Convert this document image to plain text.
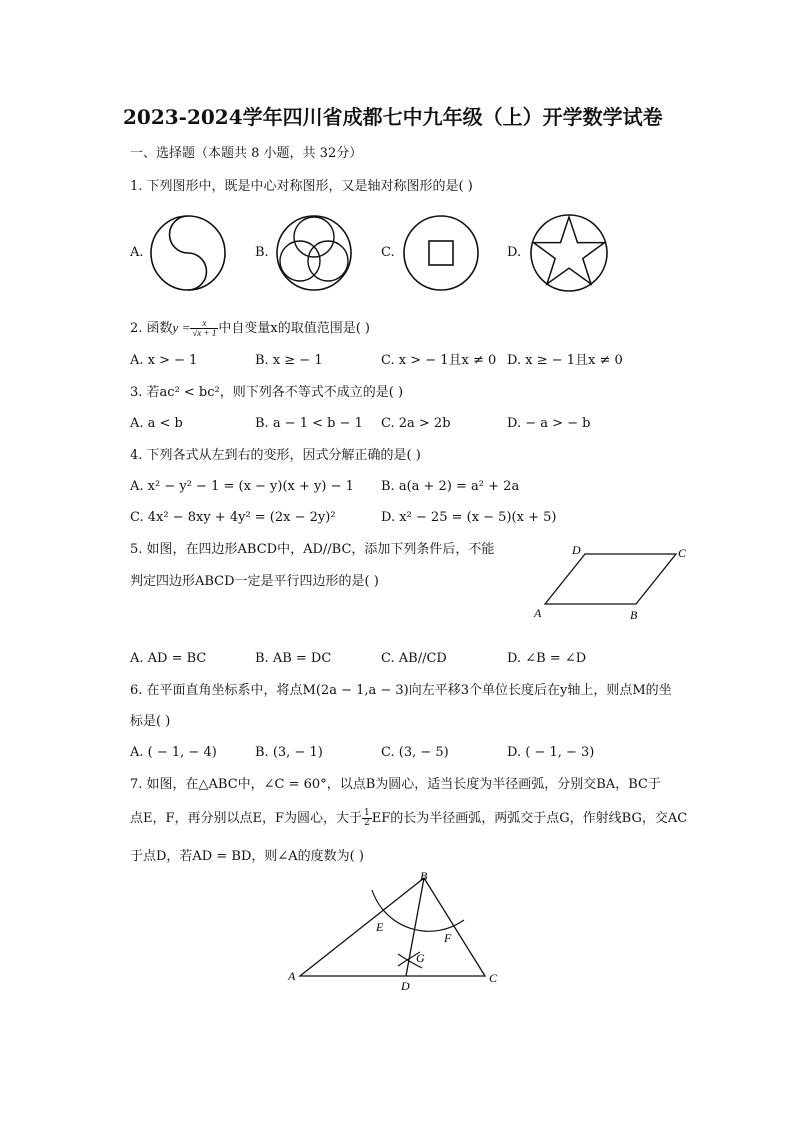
2023-2024学年四川省成都七中九年级（上）开学数学试卷
一、选择题（本题共 8 小题，共 32分）
1. 下列图形中，既是中心对称图形，又是轴对称图形的是( )
A.	B.	C.	D.
2. 函数$y = \frac{x}{√x + 1}$ 中自变量x的取值范围是( )
A. x > − 1	B. x ≥ − 1	C. x > − 1且x ≠ 0 D. x ≥ − 1且x ≠ 0
3. 若ac² < bc²，则下列各不等式不成立的是( )
A. a < b	B. a − 1 < b − 1 C. 2a > 2b	D. − a > − b
4. 下列各式从左到右的变形，因式分解正确的是( )
A. x² − y² − 1 = (x − y)(x + y) − 1 B. a(a + 2) = a² + 2a
C. 4x² − 8xy + 4y² = (2x − 2y)²	D. x² − 25 = (x − 5)(x + 5)
5. 如图，在四边形ABCD中，AD//BC，添加下列条件后，不能
判定四边形ABCD一定是平行四边形的是( )
D	C
A	B
A. AD = BC	B. AB = DC	C. AB//CD	D. ∠B = ∠D
6. 在平面直角坐标系中，将点M(2a − 1,a − 3)向左平移3个单位长度后在y轴上，则点M的坐
标是( )
A. ( − 1, − 4)	B. (3, − 1)	C. (3, − 5)	D. ( − 1, − 3)
7. 如图，在△ABC中，∠C = 60°，以点B为圆心，适当长度为半径画弧，分别交BA，BC于
点E，F，再分别以点E，F为圆心，大于 $\frac{1}{2}$ EF的长为半径画弧，两弧交于点G，作射线BG，交AC
于点D，若AD = BD，则∠A的度数为( )
B
E
F
G
A	C
D
